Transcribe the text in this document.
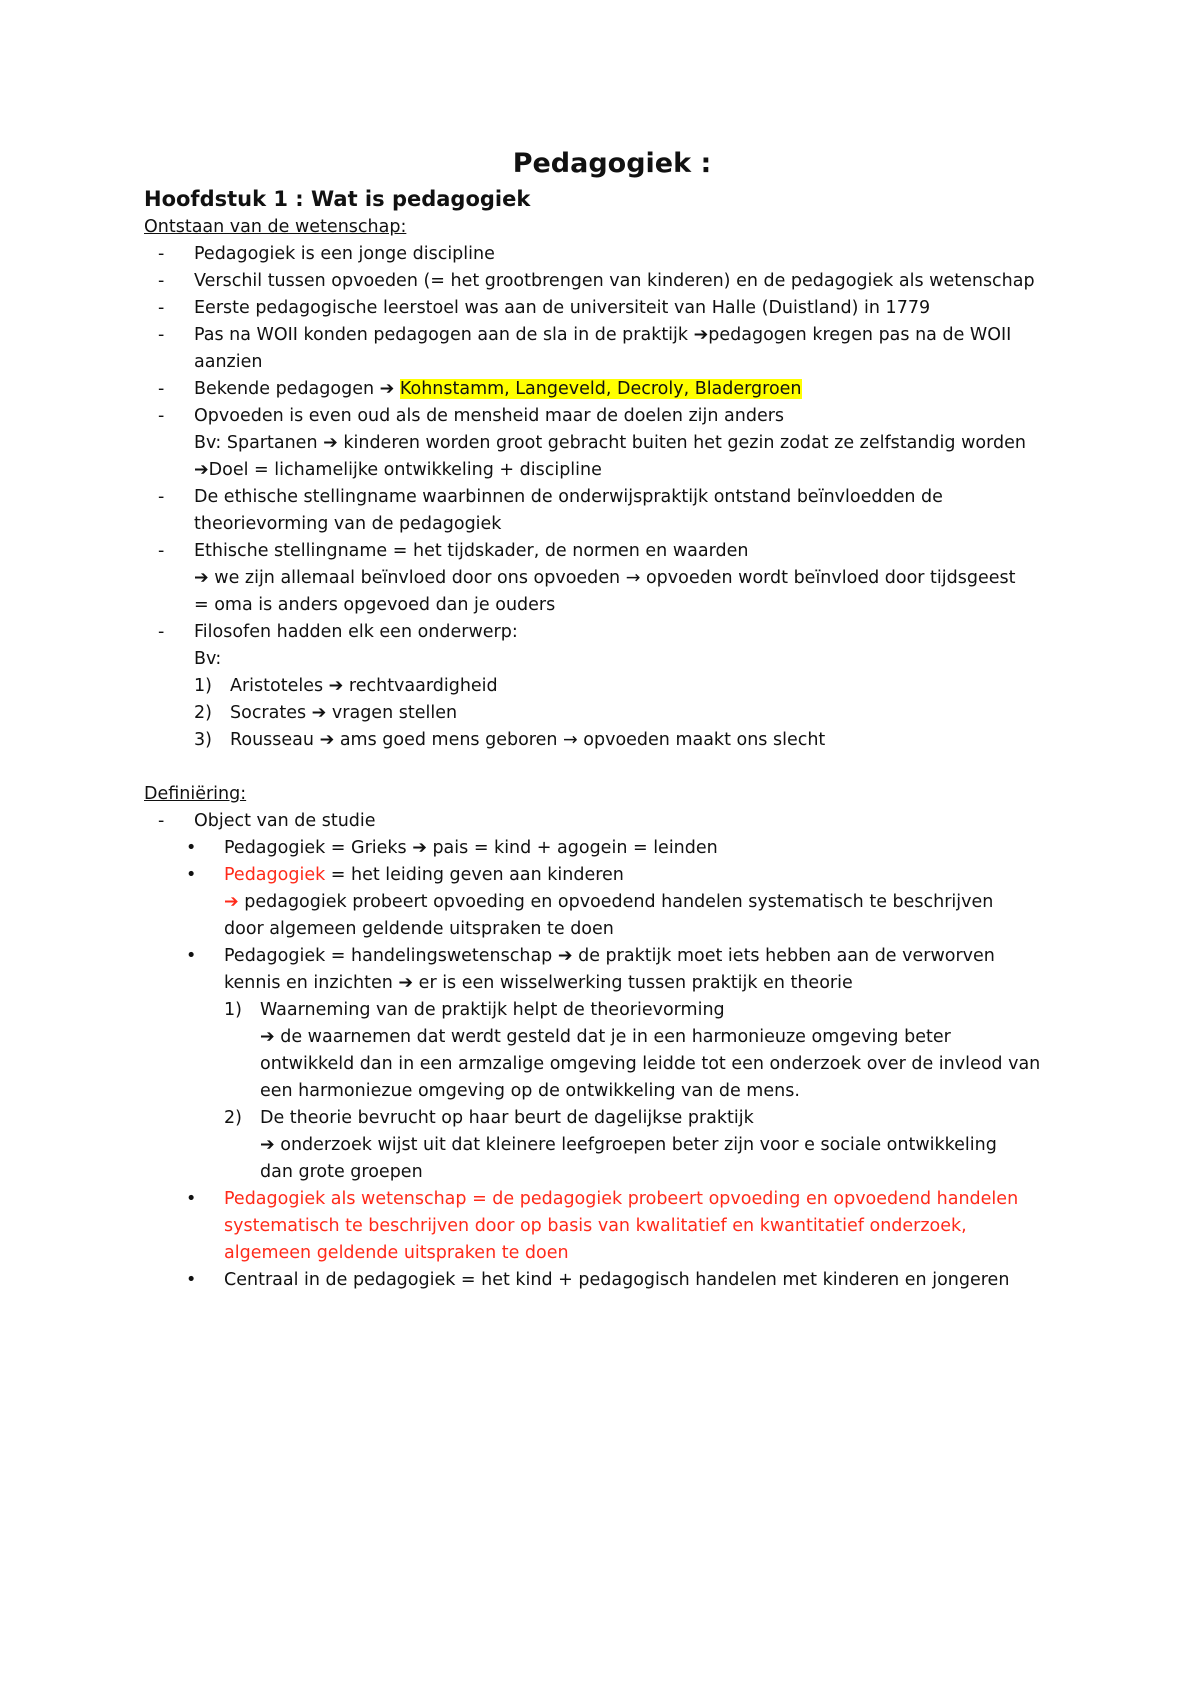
Pedagogiek :
Hoofdstuk 1 : Wat is pedagogiek
Ontstaan van de wetenschap:
- Pedagogiek is een jonge discipline
- Verschil tussen opvoeden (= het grootbrengen van kinderen) en de pedagogiek als wetenschap
- Eerste pedagogische leerstoel was aan de universiteit van Halle (Duistland) in 1779
- Pas na WOII konden pedagogen aan de sla in de praktijk ➔pedagogen kregen pas na de WOII
aanzien
- Bekende pedagogen ➔ Kohnstamm, Langeveld, Decroly, Bladergroen
- Opvoeden is even oud als de mensheid maar de doelen zijn anders
Bv: Spartanen ➔ kinderen worden groot gebracht buiten het gezin zodat ze zelfstandig worden
➔Doel = lichamelijke ontwikkeling + discipline
- De ethische stellingname waarbinnen de onderwijspraktijk ontstand beïnvloedden de
theorievorming van de pedagogiek
- Ethische stellingname = het tijdskader, de normen en waarden
➔ we zijn allemaal beïnvloed door ons opvoeden → opvoeden wordt beïnvloed door tijdsgeest
= oma is anders opgevoed dan je ouders
- Filosofen hadden elk een onderwerp:
Bv:
1) Aristoteles ➔ rechtvaardigheid
2) Socrates ➔ vragen stellen
3) Rousseau ➔ ams goed mens geboren → opvoeden maakt ons slecht
Definiëring:
- Object van de studie
• Pedagogiek = Grieks ➔ pais = kind + agogein = leinden
• Pedagogiek = het leiding geven aan kinderen
➔ pedagogiek probeert opvoeding en opvoedend handelen systematisch te beschrijven
door algemeen geldende uitspraken te doen
• Pedagogiek = handelingswetenschap ➔ de praktijk moet iets hebben aan de verworven
kennis en inzichten ➔ er is een wisselwerking tussen praktijk en theorie
1) Waarneming van de praktijk helpt de theorievorming
➔ de waarnemen dat werdt gesteld dat je in een harmonieuze omgeving beter
ontwikkeld dan in een armzalige omgeving leidde tot een onderzoek over de invleod van
een harmoniezue omgeving op de ontwikkeling van de mens.
2) De theorie bevrucht op haar beurt de dagelijkse praktijk
➔ onderzoek wijst uit dat kleinere leefgroepen beter zijn voor e sociale ontwikkeling
dan grote groepen
• Pedagogiek als wetenschap = de pedagogiek probeert opvoeding en opvoedend handelen
systematisch te beschrijven door op basis van kwalitatief en kwantitatief onderzoek,
algemeen geldende uitspraken te doen
• Centraal in de pedagogiek = het kind + pedagogisch handelen met kinderen en jongeren
